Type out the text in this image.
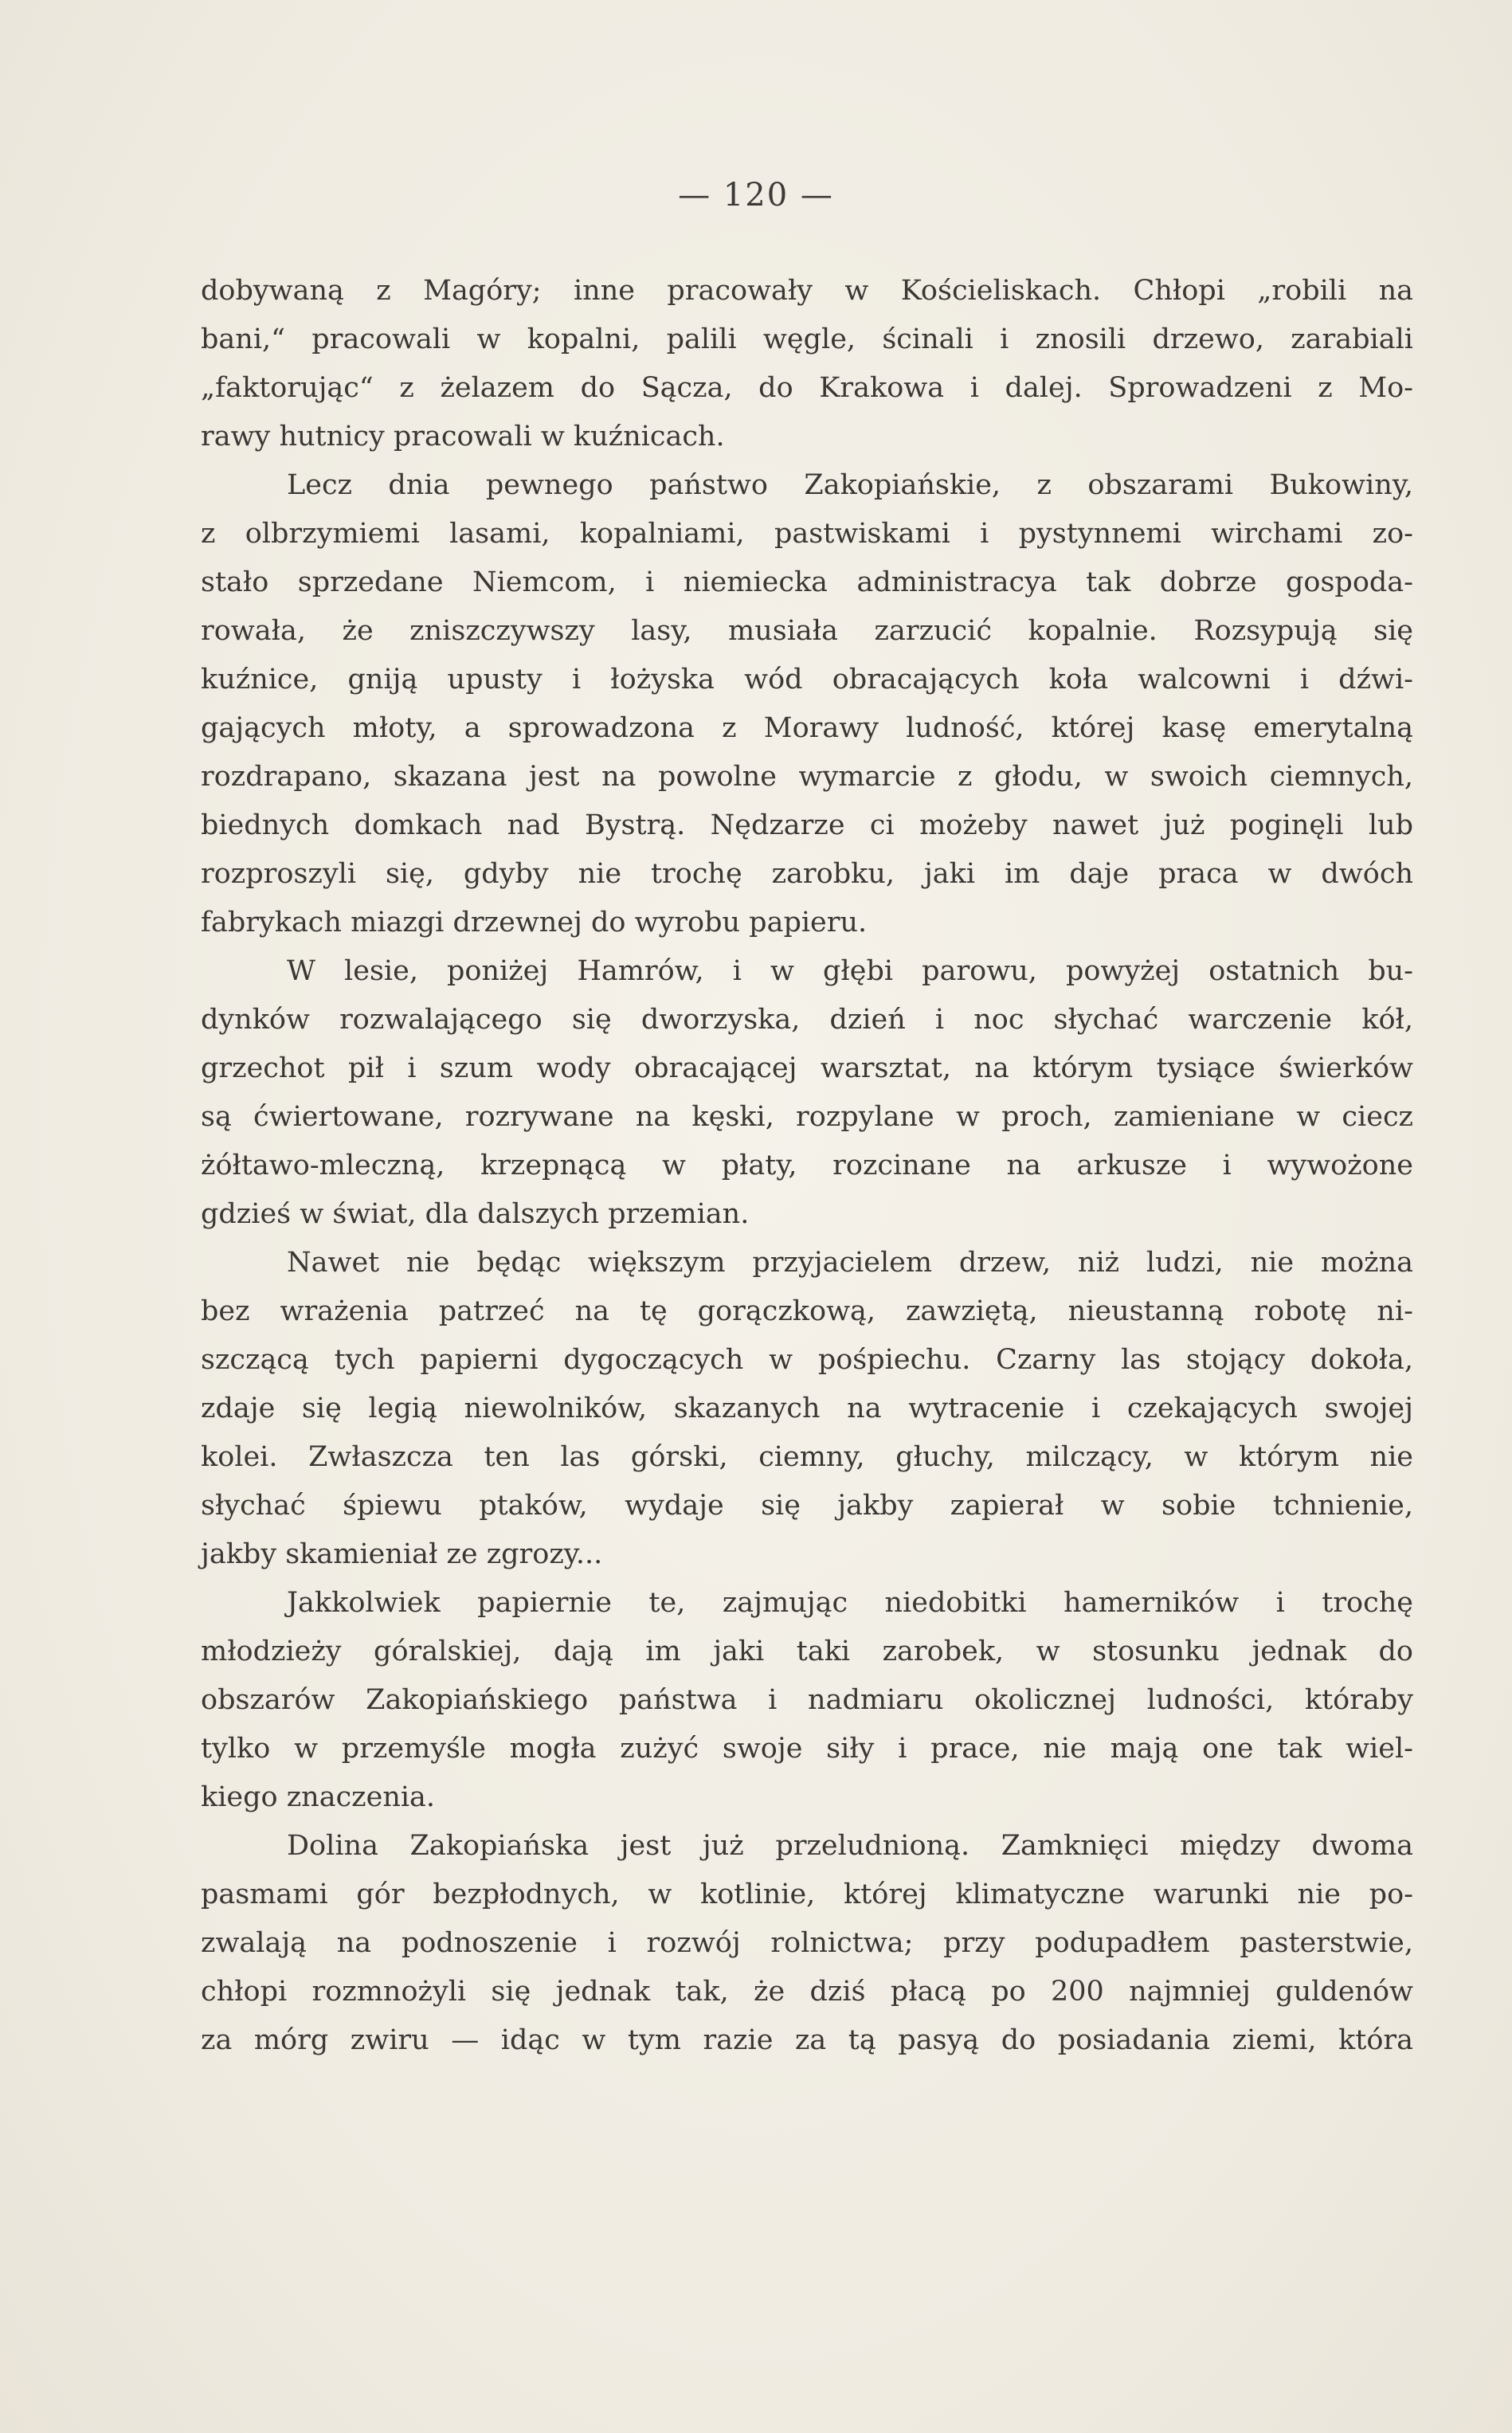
— 120 —
dobywaną z Magóry; inne pracowały w Kościeliskach. Chłopi „robili na
bani,“ pracowali w kopalni, palili węgle, ścinali i znosili drzewo, zarabiali
„faktorując“ z żelazem do Sącza, do Krakowa i dalej. Sprowadzeni z Mo-
rawy hutnicy pracowali w kuźnicach.
Lecz dnia pewnego państwo Zakopiańskie, z obszarami Bukowiny,
z olbrzymiemi lasami, kopalniami, pastwiskami i pystynnemi wirchami zo-
stało sprzedane Niemcom, i niemiecka administracya tak dobrze gospoda-
rowała, że zniszczywszy lasy, musiała zarzucić kopalnie. Rozsypują się
kuźnice, gniją upusty i łożyska wód obracających koła walcowni i dźwi-
gających młoty, a sprowadzona z Morawy ludność, której kasę emerytalną
rozdrapano, skazana jest na powolne wymarcie z głodu, w swoich ciemnych,
biednych domkach nad Bystrą. Nędzarze ci możeby nawet już poginęli lub
rozproszyli się, gdyby nie trochę zarobku, jaki im daje praca w dwóch
fabrykach miazgi drzewnej do wyrobu papieru.
W lesie, poniżej Hamrów, i w głębi parowu, powyżej ostatnich bu-
dynków rozwalającego się dworzyska, dzień i noc słychać warczenie kół,
grzechot pił i szum wody obracającej warsztat, na którym tysiące świerków
są ćwiertowane, rozrywane na kęski, rozpylane w proch, zamieniane w ciecz
żółtawo-mleczną, krzepnącą w płaty, rozcinane na arkusze i wywożone
gdzieś w świat, dla dalszych przemian.
Nawet nie będąc większym przyjacielem drzew, niż ludzi, nie można
bez wrażenia patrzeć na tę gorączkową, zawziętą, nieustanną robotę ni-
szczącą tych papierni dygoczących w pośpiechu. Czarny las stojący dokoła,
zdaje się legią niewolników, skazanych na wytracenie i czekających swojej
kolei. Zwłaszcza ten las górski, ciemny, głuchy, milczący, w którym nie
słychać śpiewu ptaków, wydaje się jakby zapierał w sobie tchnienie,
jakby skamieniał ze zgrozy...
Jakkolwiek papiernie te, zajmując niedobitki hamerników i trochę
młodzieży góralskiej, dają im jaki taki zarobek, w stosunku jednak do
obszarów Zakopiańskiego państwa i nadmiaru okolicznej ludności, któraby
tylko w przemyśle mogła zużyć swoje siły i prace, nie mają one tak wiel-
kiego znaczenia.
Dolina Zakopiańska jest już przeludnioną. Zamknięci między dwoma
pasmami gór bezpłodnych, w kotlinie, której klimatyczne warunki nie po-
zwalają na podnoszenie i rozwój rolnictwa; przy podupadłem pasterstwie,
chłopi rozmnożyli się jednak tak, że dziś płacą po 200 najmniej guldenów
za mórg zwiru — idąc w tym razie za tą pasyą do posiadania ziemi, która
